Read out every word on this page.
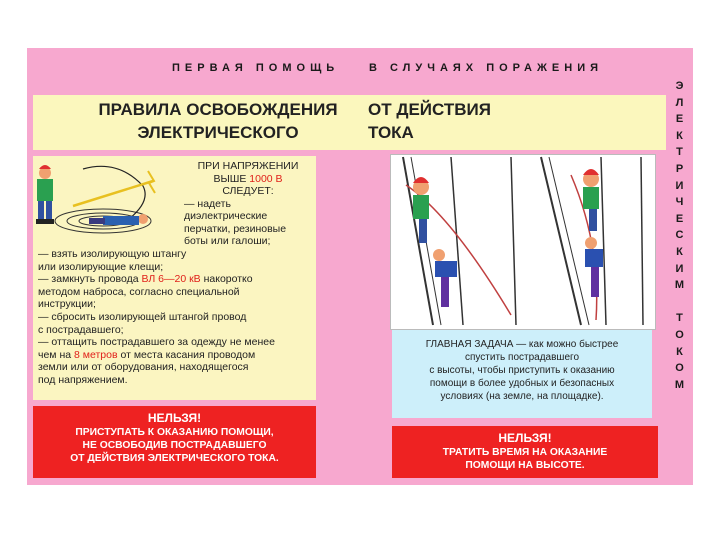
ПЕРВАЯ ПОМОЩЬ	В СЛУЧАЯХ ПОРАЖЕНИЯ
Э
Л
Е
К
Т
Р
И
Ч
Е
С
К
И
М

Т
О
К
О
М
ПРАВИЛА ОСВОБОЖДЕНИЯ
ЭЛЕКТРИЧЕСКОГО
ОТ ДЕЙСТВИЯ
ТОКА
ПРИ НАПРЯЖЕНИИ
ВЫШЕ 1000 В
СЛЕДУЕТ:
— надеть
диэлектрические
перчатки, резиновые
боты или галоши;

— взять изолирующую штангу

или изолирующие клещи;

— замкнуть провода ВЛ 6—20 кВ накоротко

методом наброса, согласно специальной

инструкции;

— сбросить изолирующей штангой провод

с пострадавшего;

— оттащить пострадавшего за одежду не менее

чем на 8 метров от места касания проводом

земли или от оборудования, находящегося

под напряжением.

ГЛАВНАЯ ЗАДАЧА — как можно быстрее

спустить пострадавшего

с высоты, чтобы приступить к оказанию

помощи в более удобных и безопасных

условиях (на земле, на площадке).

НЕЛЬЗЯ!
ПРИСТУПАТЬ К ОКАЗАНИЮ ПОМОЩИ,
НЕ ОСВОБОДИВ ПОСТРАДАВШЕГО
ОТ ДЕЙСТВИЯ ЭЛЕКТРИЧЕСКОГО ТОКА.
НЕЛЬЗЯ!
ТРАТИТЬ ВРЕМЯ НА ОКАЗАНИЕ
ПОМОЩИ НА ВЫСОТЕ.
